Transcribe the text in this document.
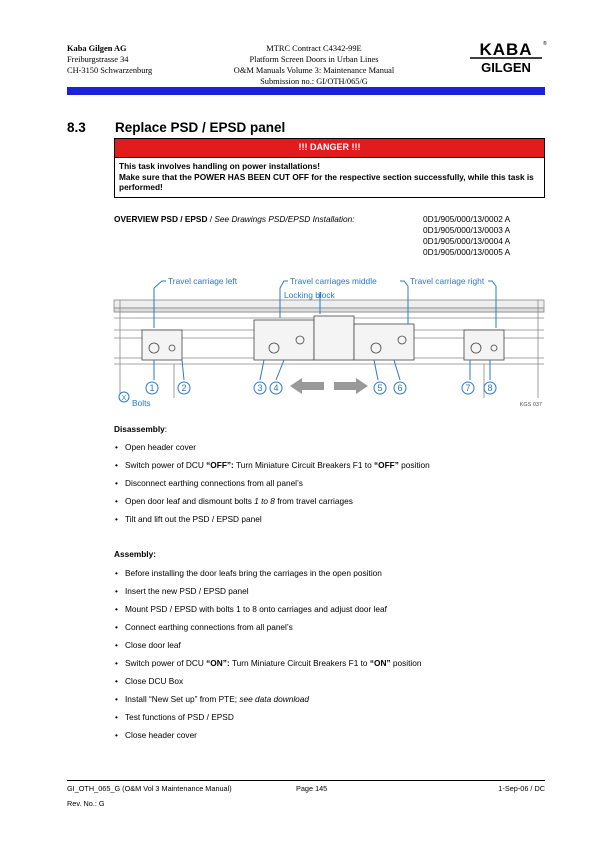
Kaba Gilgen AG
Freiburgstrasse 34
CH-3150 Schwarzenburg
MTRC Contract C4342-99E
Platform Screen Doors in Urban Lines
O&M Manuals Volume 3: Maintenance Manual
Submission no.: GI/OTH/065/G
KABA
GILGEN
®
8.3 Replace PSD / EPSD panel
!!! DANGER !!!
This task involves handling on power installations!
Make sure that the POWER HAS BEEN CUT OFF for the respective section successfully, while this task is performed!
OVERVIEW PSD / EPSD / See Drawings PSD/EPSD Installation:	0D1/905/000/13/0002 A
0D1/905/000/13/0003 A
0D1/905/000/13/0004 A
0D1/905/000/13/0005 A
Travel carriage left	Travel carriages middle	Travel carriage right
Locking block
1	2	3 4	5 6	7 8
X Bolts	KGS 037
Disassembly:
• Open header cover
• Switch power of DCU “OFF”: Turn Miniature Circuit Breakers F1 to “OFF” position
• Disconnect earthing connections from all panel’s
• Open door leaf and dismount bolts 1 to 8 from travel carriages
• Tilt and lift out the PSD / EPSD panel
Assembly:
• Before installing the door leafs bring the carriages in the open position
• Insert the new PSD / EPSD panel
• Mount PSD / EPSD with bolts 1 to 8 onto carriages and adjust door leaf
• Connect earthing connections from all panel’s
• Close door leaf
• Switch power of DCU “ON”: Turn Miniature Circuit Breakers F1 to “ON” position
• Close DCU Box
• Install “New Set up” from PTE; see data download
• Test functions of PSD / EPSD
• Close header cover
GI_OTH_065_G (O&M Vol 3 Maintenance Manual)	Page 145	1-Sep-06 / DC
Rev. No.: G
